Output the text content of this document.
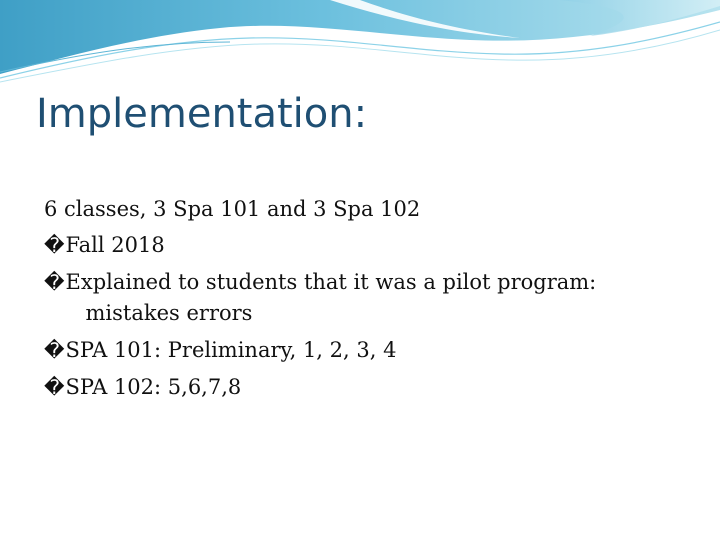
Implementation:
6 classes, 3 Spa 101 and 3 Spa 102
� Fall 2018
� Explained to students that it was a pilot program:
mistakes errors
� SPA 101: Preliminary, 1, 2, 3, 4
� SPA 102: 5,6,7,8
